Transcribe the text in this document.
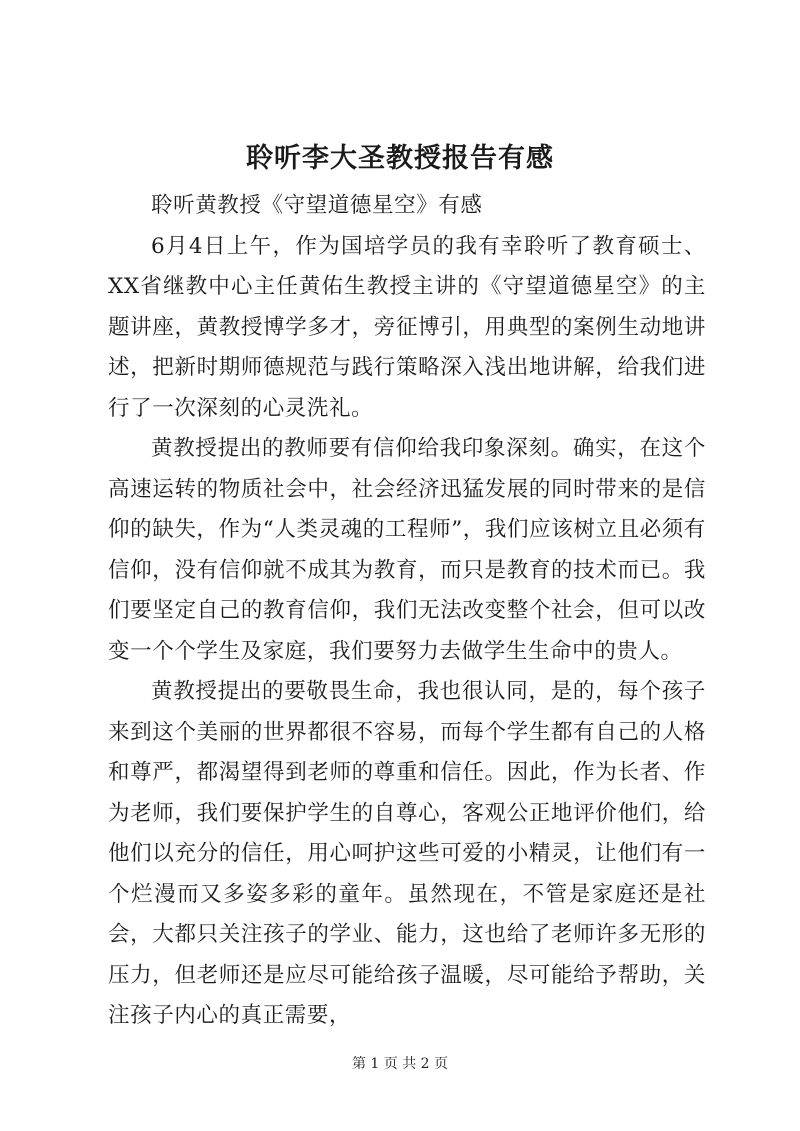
聆听李大圣教授报告有感

聆听黄教授《守望道德星空》有感

6月4日上午，作为国培学员的我有幸聆听了教育硕士、XX省继教中心主任黄佑生教授主讲的《守望道德星空》的主题讲座，黄教授博学多才，旁征博引，用典型的案例生动地讲述，把新时期师德规范与践行策略深入浅出地讲解，给我们进行了一次深刻的心灵洗礼。

黄教授提出的教师要有信仰给我印象深刻。确实，在这个高速运转的物质社会中，社会经济迅猛发展的同时带来的是信仰的缺失，作为“人类灵魂的工程师”，我们应该树立且必须有信仰，没有信仰就不成其为教育，而只是教育的技术而已。我们要坚定自己的教育信仰，我们无法改变整个社会，但可以改变一个个学生及家庭，我们要努力去做学生生命中的贵人。

黄教授提出的要敬畏生命，我也很认同，是的，每个孩子来到这个美丽的世界都很不容易，而每个学生都有自己的人格和尊严，都渴望得到老师的尊重和信任。因此，作为长者、作为老师，我们要保护学生的自尊心，客观公正地评价他们，给他们以充分的信任，用心呵护这些可爱的小精灵，让他们有一个烂漫而又多姿多彩的童年。虽然现在，不管是家庭还是社会，大都只关注孩子的学业、能力，这也给了老师许多无形的压力，但老师还是应尽可能给孩子温暖，尽可能给予帮助，关注孩子内心的真正需要，

第 1 页 共 2 页
